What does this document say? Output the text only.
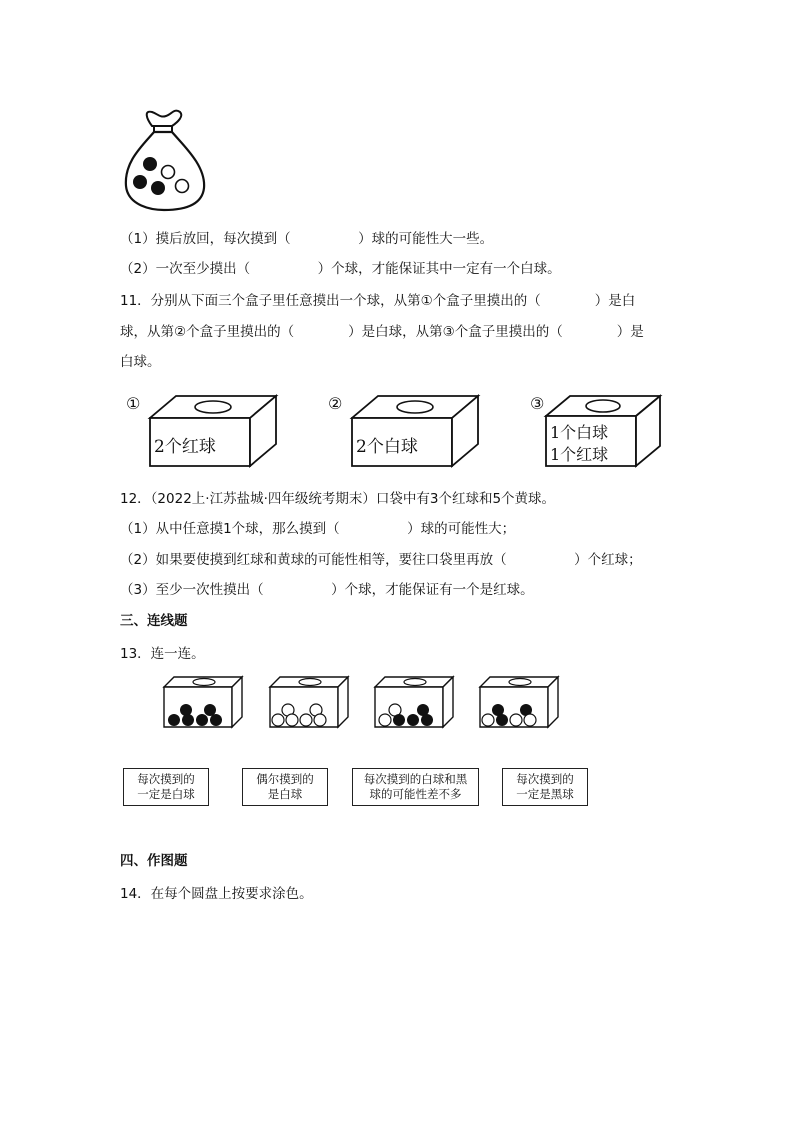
（1）摸后放回，每次摸到（　　　　　）球的可能性大一些。
（2）一次至少摸出（　　　　　）个球，才能保证其中一定有一个白球。
11．分别从下面三个盒子里任意摸出一个球，从第①个盒子里摸出的（　　　　）是白
球，从第②个盒子里摸出的（　　　　）是白球，从第③个盒子里摸出的（　　　　）是
白球。
①
2个红球
②
2个白球
③
1个白球
1个红球
12．（2022上·江苏盐城·四年级统考期末）口袋中有3个红球和5个黄球。
（1）从中任意摸1个球，那么摸到（　　　　　）球的可能性大；
（2）如果要使摸到红球和黄球的可能性相等，要往口袋里再放（　　　　　）个红球；
（3）至少一次性摸出（　　　　　）个球，才能保证有一个是红球。
三、连线题
13．连一连。
每次摸到的
一定是白球
偶尔摸到的
是白球
每次摸到的白球和黑
球的可能性差不多
每次摸到的
一定是黑球
四、作图题
14．在每个圆盘上按要求涂色。
